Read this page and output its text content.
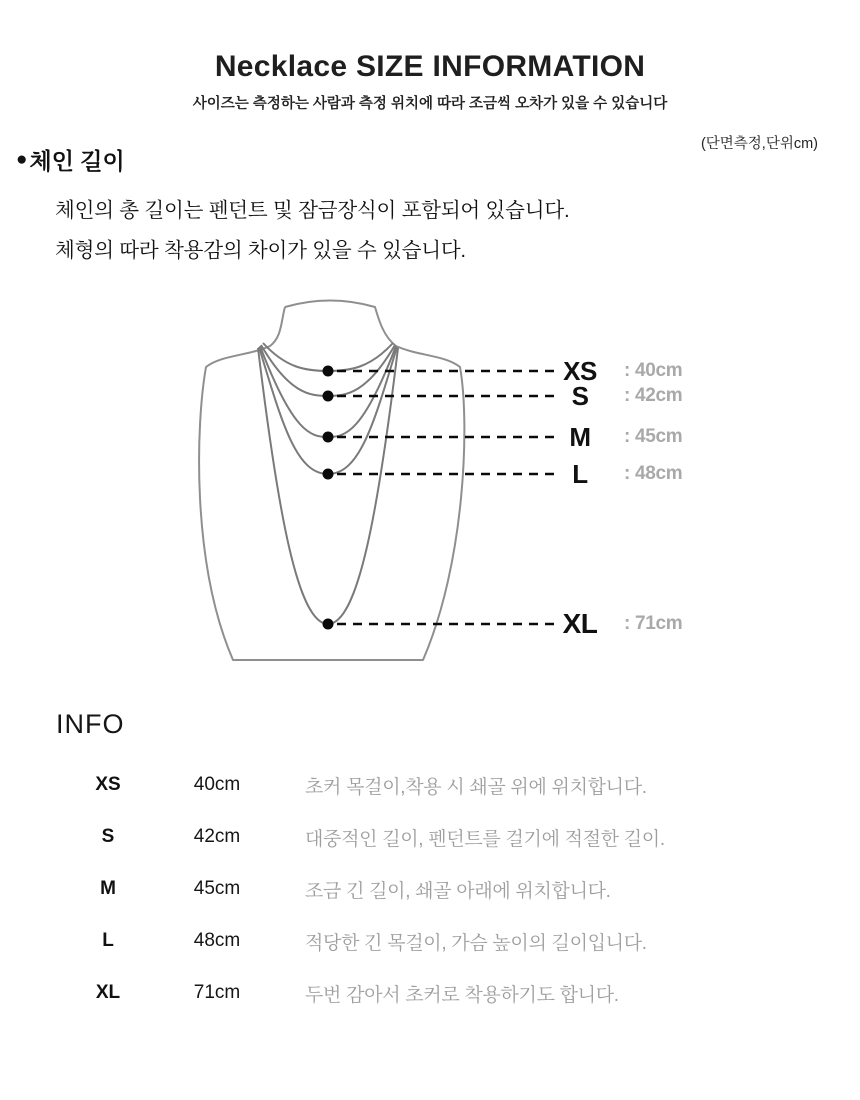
Necklace SIZE INFORMATION
사이즈는 측정하는 사람과 측정 위치에 따라 조금씩 오차가 있을 수 있습니다
(단면측정,단위cm)
● 체인 길이
체인의 총 길이는 펜던트 및 잠금장식이 포함되어 있습니다.
체형의 따라 착용감의 차이가 있을 수 있습니다.
XS	: 40cm
S	: 42cm
M	: 45cm
L	: 48cm
XL	: 71cm
INFO
XS	40cm	초커 목걸이,착용 시 쇄골 위에 위치합니다.
S	42cm	대중적인 길이, 펜던트를 걸기에 적절한 길이.
M	45cm	조금 긴 길이, 쇄골 아래에 위치합니다.
L	48cm	적당한 긴 목걸이, 가슴 높이의 길이입니다.
XL	71cm	두번 감아서 초커로 착용하기도 합니다.
